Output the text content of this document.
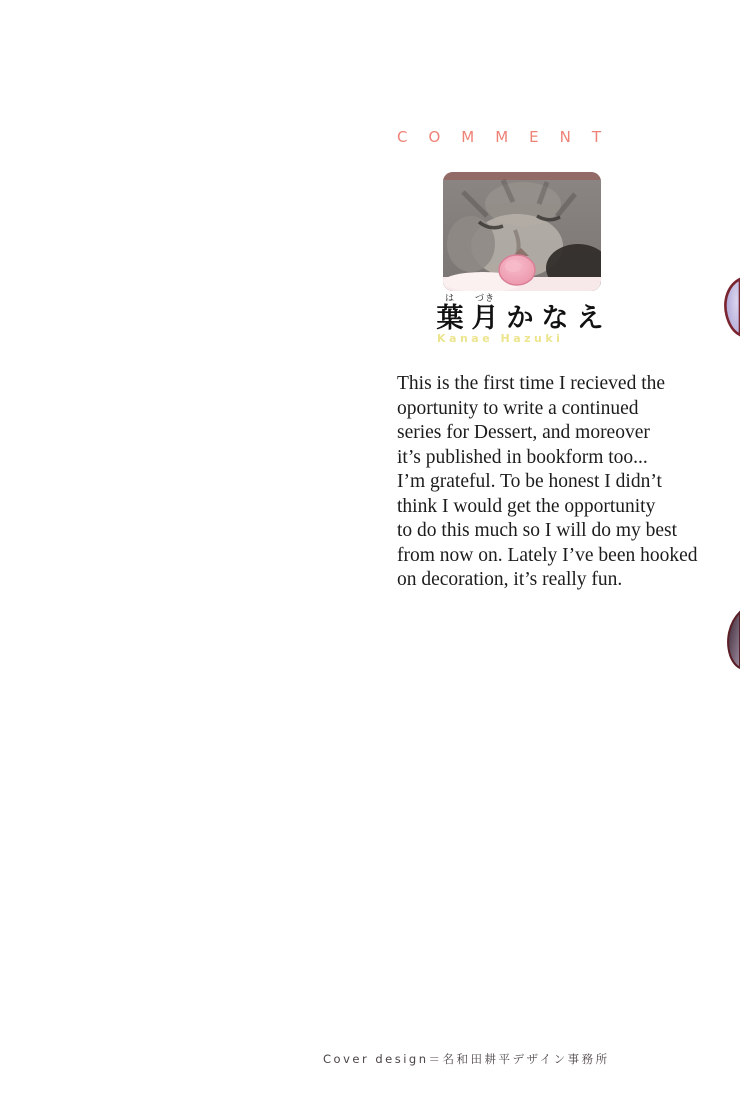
COMMENT
は
葉
づき
月 か な え
Kanae Hazuki
This is the first time I recieved the
oportunity to write a continued
series for Dessert, and moreover
it’s published in bookform too...
I’m grateful. To be honest I didn’t
think I would get the opportunity
to do this much so I will do my best
from now on. Lately I’ve been hooked
on decoration, it’s really fun.
Cover design＝名和田耕平デザイン事務所
